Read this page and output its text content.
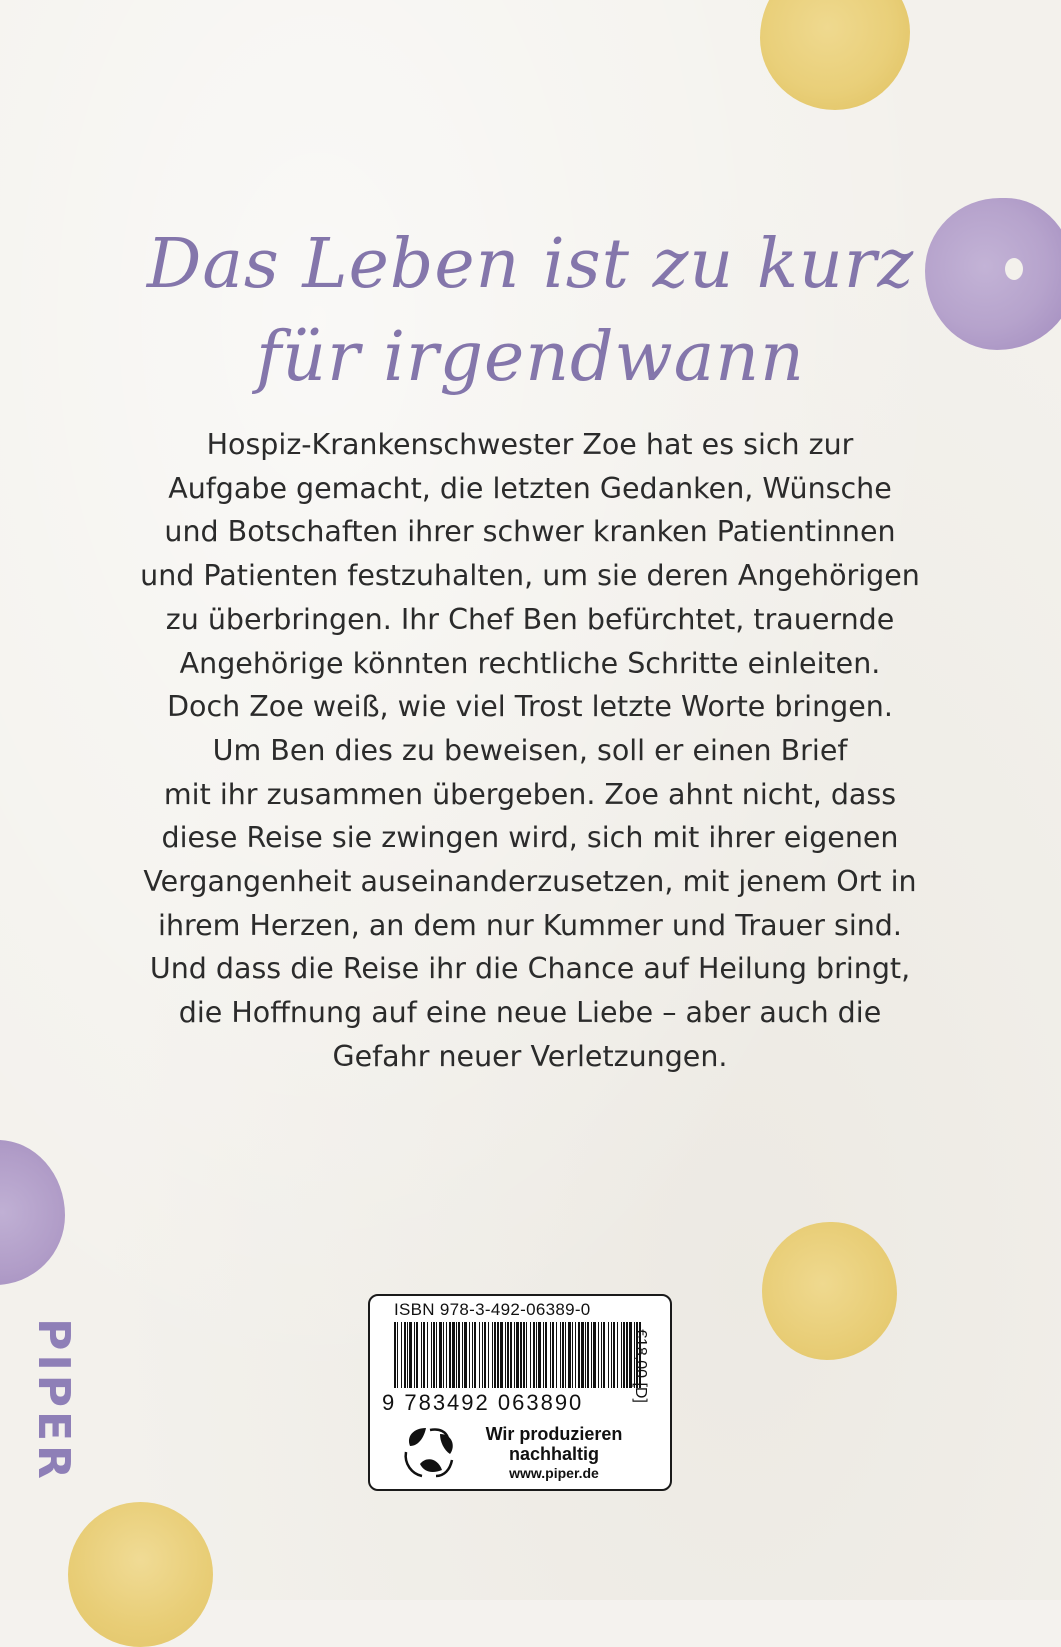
Das Leben ist zu kurz
für irgendwann
Hospiz-Krankenschwester Zoe hat es sich zur
Aufgabe gemacht, die letzten Gedanken, Wünsche
und Botschaften ihrer schwer kranken Patientinnen
und Patienten festzuhalten, um sie deren Angehörigen
zu überbringen. Ihr Chef Ben befürchtet, trauernde
Angehörige könnten rechtliche Schritte einleiten.
Doch Zoe weiß, wie viel Trost letzte Worte bringen.
Um Ben dies zu beweisen, soll er einen Brief
mit ihr zusammen übergeben. Zoe ahnt nicht, dass
diese Reise sie zwingen wird, sich mit ihrer eigenen
Vergangenheit auseinanderzusetzen, mit jenem Ort in
ihrem Herzen, an dem nur Kummer und Trauer sind.
Und dass die Reise ihr die Chance auf Heilung bringt,
die Hoffnung auf eine neue Liebe – aber auch die
Gefahr neuer Verletzungen.
PIPER
ISBN 978-3-492-06389-0
9 783492 063890	€18,00 [D]
Wir produzieren
nachhaltig
www.piper.de
